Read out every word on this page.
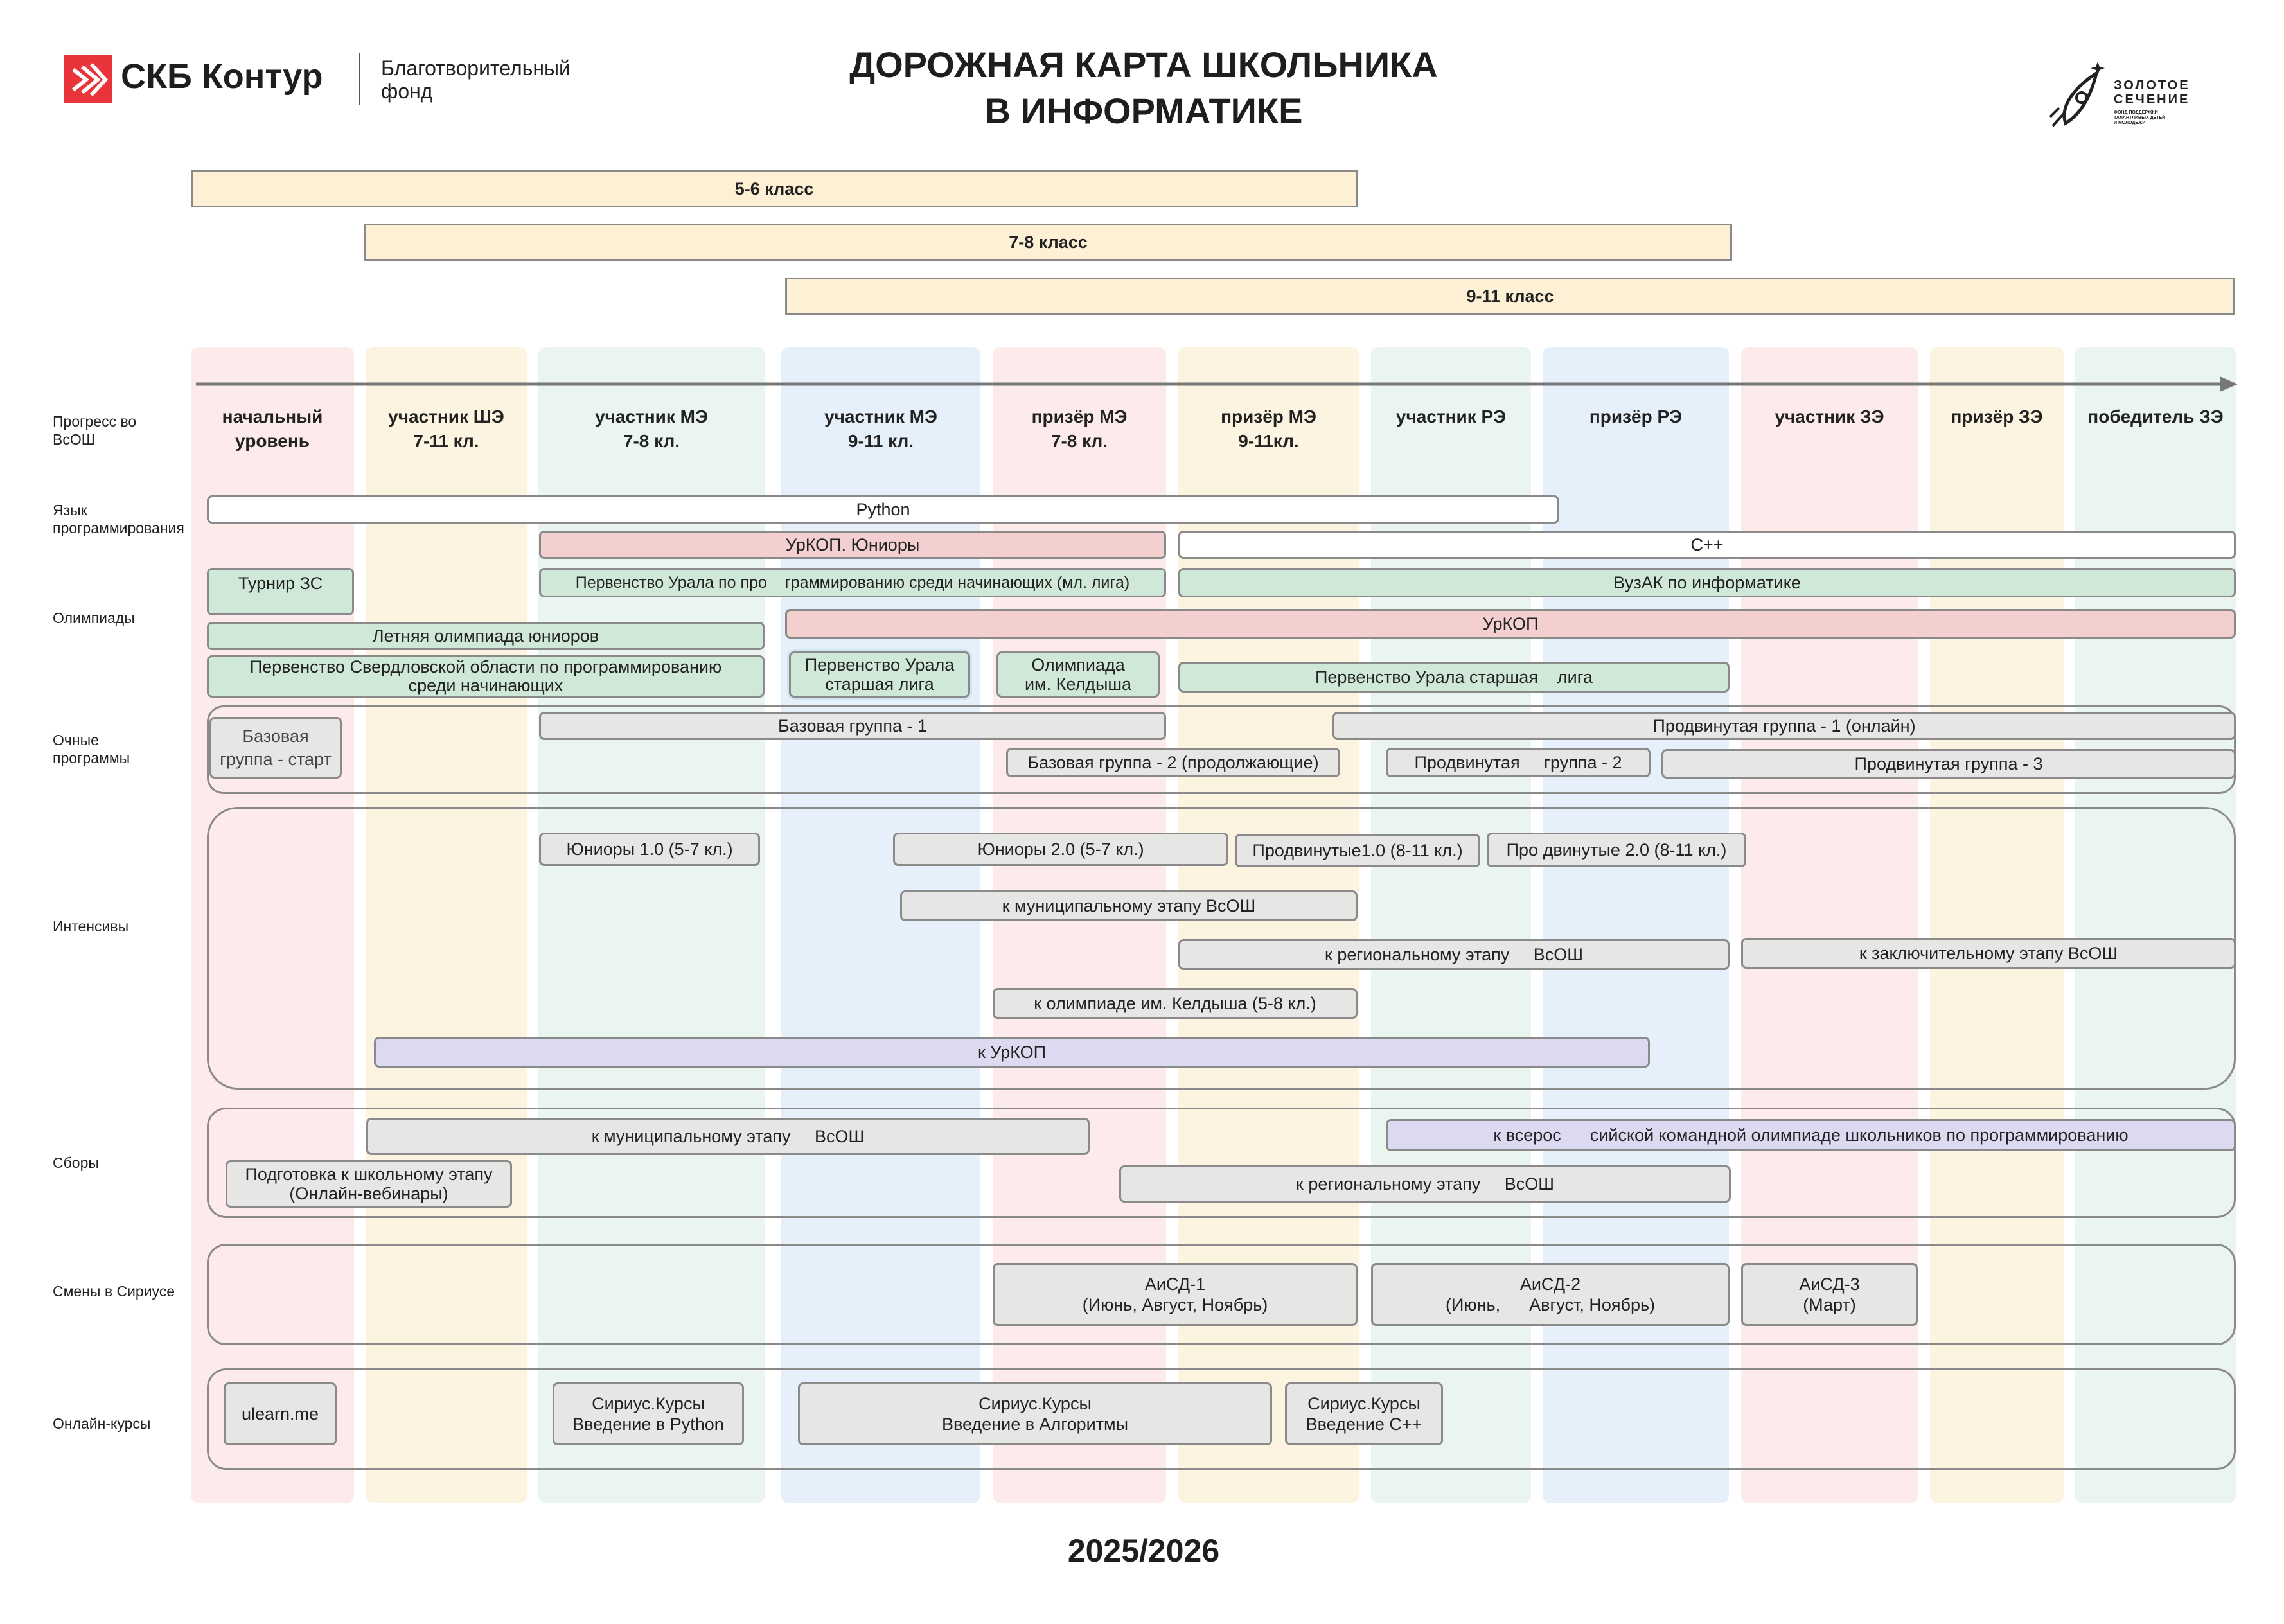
СКБ Контур	Благотворительный
фонд
ДОРОЖНАЯ КАРТА ШКОЛЬНИКА
В ИНФОРМАТИКЕ
ЗОЛОТОЕ
СЕЧЕНИЕ
ФОНД ПОДДЕРЖКИ
ТАЛАНТЛИВЫХ ДЕТЕЙ
И МОЛОДЕЖИ
5-6 класс
7-8 класс
9-11 класс
начальный
уровень
участник ШЭ
7-11 кл.
участник МЭ
7-8 кл.
участник МЭ
9-11 кл.
призёр МЭ
7-8 кл.
призёр МЭ
9-11кл.
участник РЭ	призёр РЭ	участник ЗЭ	призёр ЗЭ	победитель ЗЭ
Прогресс во
ВсОШ
Язык
программирования
Олимпиады
Очные
программы
Интенсивы
Сборы
Смены в Сириусе
Онлайн-курсы
Python
УрКОП. Юниоры	C++
Турнир ЗС	Первенство Урала по про    граммированию среди начинающих (мл. лига)	ВузАК по информатике
Летняя олимпиада юниоров
УрКОП
Первенство Свердловской области по программированию
среди начинающих
Первенство Урала
старшая лига
Олимпиада
им. Келдыша	Первенство Урала старшая    лига
Базовая
группа - старт
Базовая группа - 1	Продвинутая группа - 1 (онлайн)
Базовая группа - 2 (продолжающие)	Продвинутая     группа - 2	Продвинутая группа - 3
Юниоры 1.0 (5-7 кл.)	Юниоры 2.0 (5-7 кл.)	Продвинутые1.0 (8-11 кл.)	Про двинутые 2.0 (8-11 кл.)
к муниципальному этапу ВсОШ
к региональному этапу     ВсОШ	к заключительному этапу ВсОШ
к олимпиаде им. Келдыша (5-8 кл.)
к УрКОП
к муниципальному этапу     ВсОШ	к всерос      сийской командной олимпиаде школьников по программированию
Подготовка к школьному этапу
(Онлайн-вебинары)
к региональному этапу     ВсОШ
АиСД-1
(Июнь, Август, Ноябрь)
АиСД-2
(Июнь,      Август, Ноябрь)
АиСД-3
(Март)
ulearn.me
Сириус.Курсы
Введение в Python
Сириус.Курсы
Введение в Алгоритмы
Сириус.Курсы
Введение C++
2025/2026
